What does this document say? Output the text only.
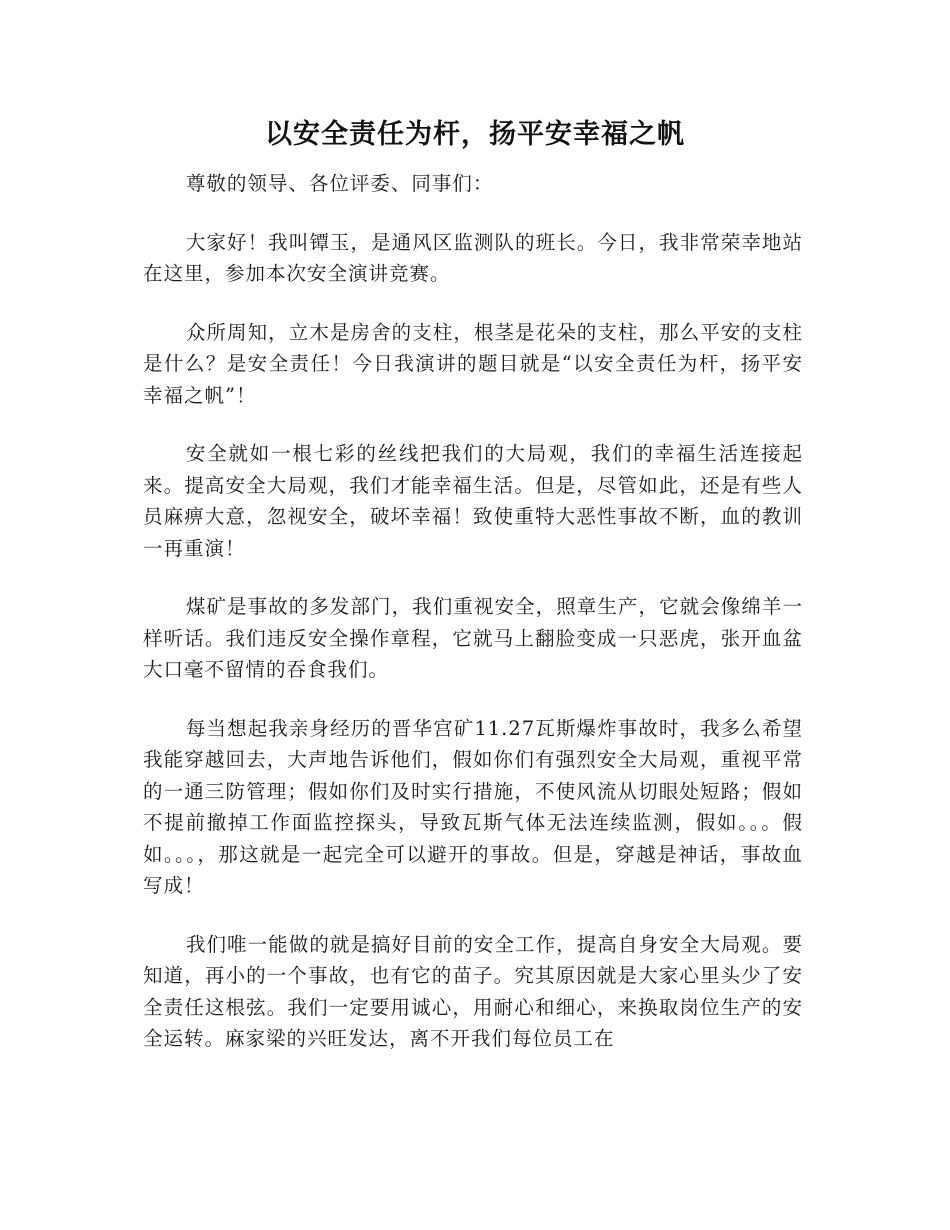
以安全责任为杆，扬平安幸福之帆

尊敬的领导、各位评委、同事们：

大家好！我叫镡玉，是通风区监测队的班长。今日，我非常荣幸地站在这里，参加本次安全演讲竞赛。

众所周知，立木是房舍的支柱，根茎是花朵的支柱，那么平安的支柱是什么？是安全责任！今日我演讲的题目就是“以安全责任为杆，扬平安幸福之帆”！

安全就如一根七彩的丝线把我们的大局观，我们的幸福生活连接起来。提高安全大局观，我们才能幸福生活。但是，尽管如此，还是有些人员麻痹大意，忽视安全，破坏幸福！致使重特大恶性事故不断，血的教训一再重演！

煤矿是事故的多发部门，我们重视安全，照章生产，它就会像绵羊一样听话。我们违反安全操作章程，它就马上翻脸变成一只恶虎，张开血盆大口毫不留情的吞食我们。

每当想起我亲身经历的晋华宫矿11.27瓦斯爆炸事故时，我多么希望我能穿越回去，大声地告诉他们，假如你们有强烈安全大局观，重视平常的一通三防管理；假如你们及时实行措施，不使风流从切眼处短路；假如不提前撤掉工作面监控探头，导致瓦斯气体无法连续监测，假如。。。假如。。。，那这就是一起完全可以避开的事故。但是，穿越是神话，事故血写成！

我们唯一能做的就是搞好目前的安全工作，提高自身安全大局观。要知道，再小的一个事故，也有它的苗子。究其原因就是大家心里头少了安全责任这根弦。我们一定要用诚心，用耐心和细心，来换取岗位生产的安全运转。麻家梁的兴旺发达，离不开我们每位员工在
